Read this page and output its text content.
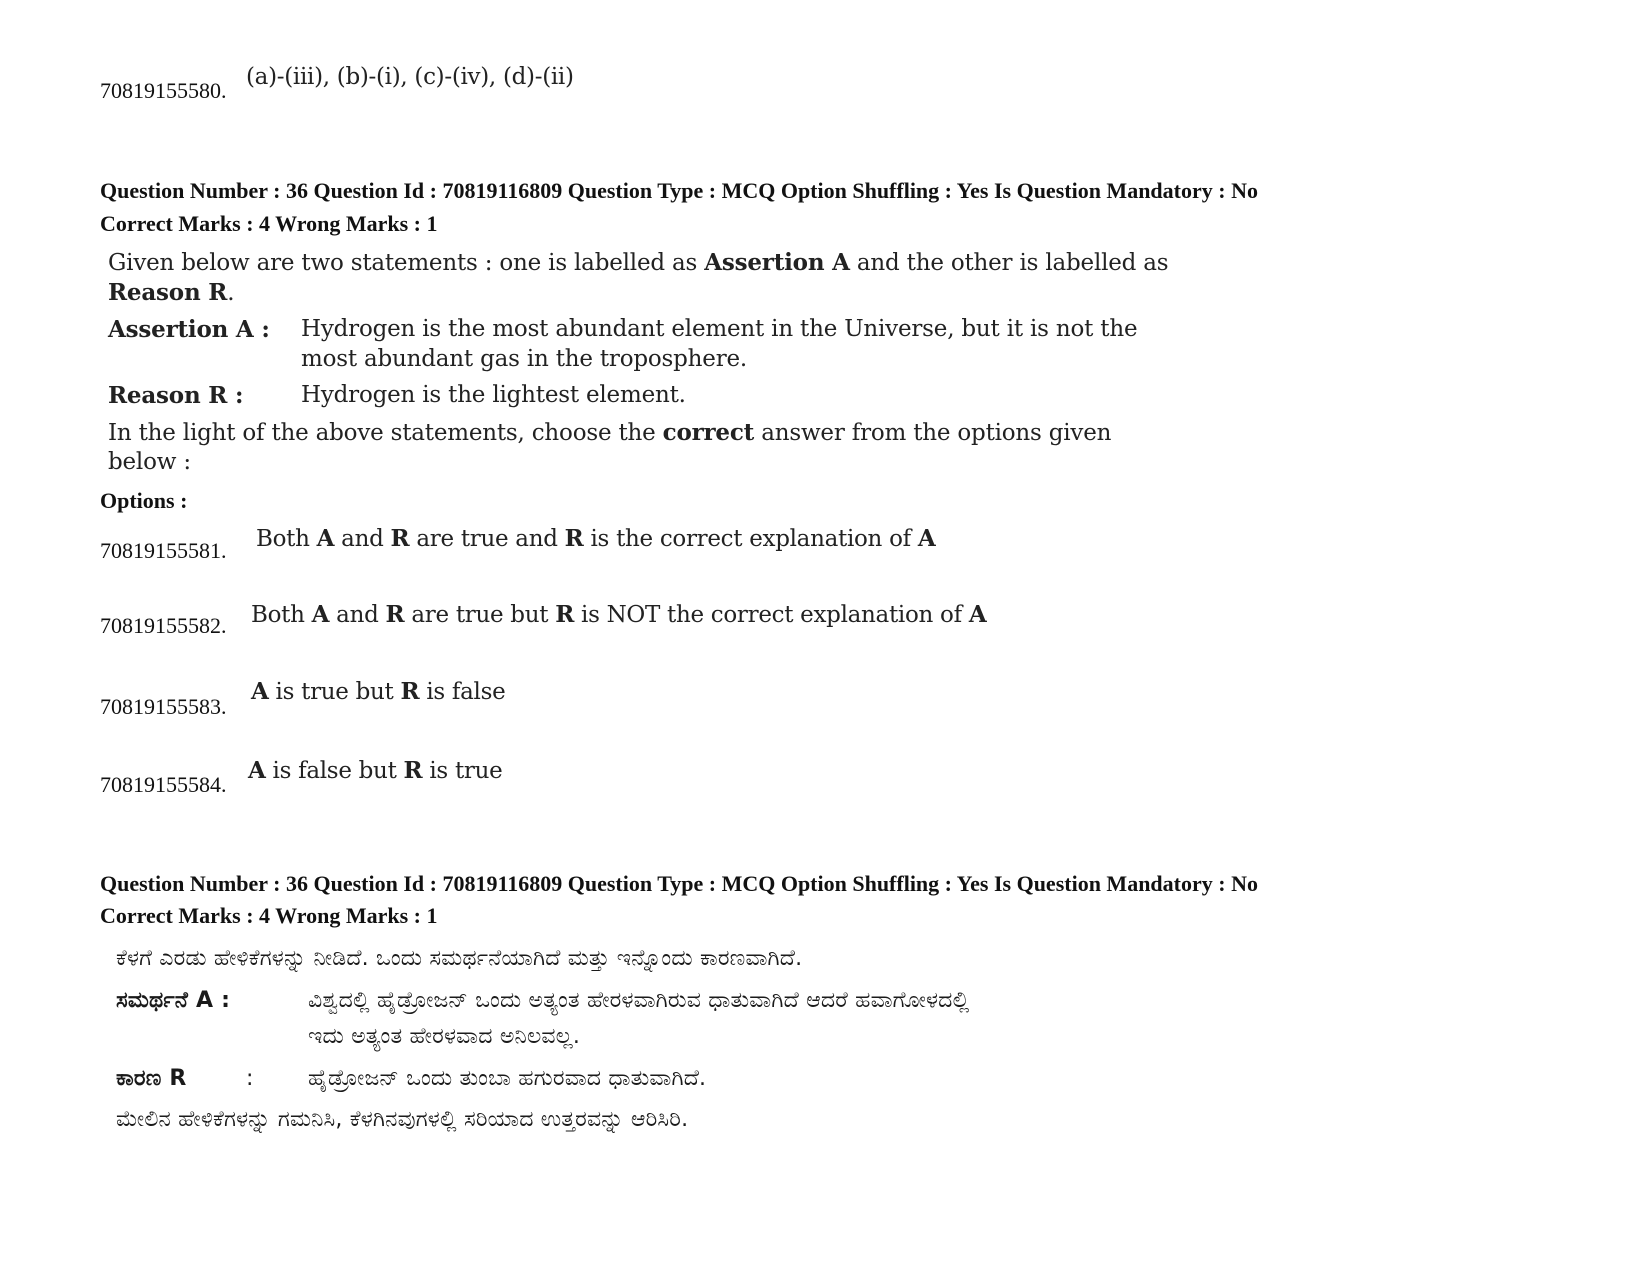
70819155580.
(a)-(iii), (b)-(i), (c)-(iv), (d)-(ii)
Question Number : 36 Question Id : 70819116809 Question Type : MCQ Option Shuffling : Yes Is Question Mandatory : No
Correct Marks : 4 Wrong Marks : 1
Given below are two statements : one is labelled as Assertion A and the other is labelled as
Reason R.
Assertion A : Hydrogen is the most abundant element in the Universe, but it is not the
most abundant gas in the troposphere.
Reason R :	Hydrogen is the lightest element.
In the light of the above statements, choose the correct answer from the options given
below :
Options :
70819155581. Both A and R are true and R is the correct explanation of A
70819155582. Both A and R are true but R is NOT the correct explanation of A
70819155583.
A is true but R is false
70819155584.
A is false but R is true
Question Number : 36 Question Id : 70819116809 Question Type : MCQ Option Shuffling : Yes Is Question Mandatory : No
Correct Marks : 4 Wrong Marks : 1
ಕೆಳಗೆ ಎರಡು ಹೇಳಿಕೆಗಳನ್ನು ನೀಡಿದೆ. ಒಂದು ಸಮರ್ಥನೆಯಾಗಿದೆ ಮತ್ತು ಇನ್ನೊಂದು ಕಾರಣವಾಗಿದೆ.
ಸಮರ್ಥನೆ A :	ವಿಶ್ವದಲ್ಲಿ ಹೈಡ್ರೋಜನ್ ಒಂದು ಅತ್ಯಂತ ಹೇರಳವಾಗಿರುವ ಧಾತುವಾಗಿದೆ ಆದರೆ ಹವಾಗೋಳದಲ್ಲಿ
ಇದು ಅತ್ಯಂತ ಹೇರಳವಾದ ಅನಿಲವಲ್ಲ.
ಕಾರಣ R	: ಹೈಡ್ರೋಜನ್ ಒಂದು ತುಂಬಾ ಹಗುರವಾದ ಧಾತುವಾಗಿದೆ.
ಮೇಲಿನ ಹೇಳಿಕೆಗಳನ್ನು ಗಮನಿಸಿ, ಕೆಳಗಿನವುಗಳಲ್ಲಿ ಸರಿಯಾದ ಉತ್ತರವನ್ನು ಆರಿಸಿರಿ.
